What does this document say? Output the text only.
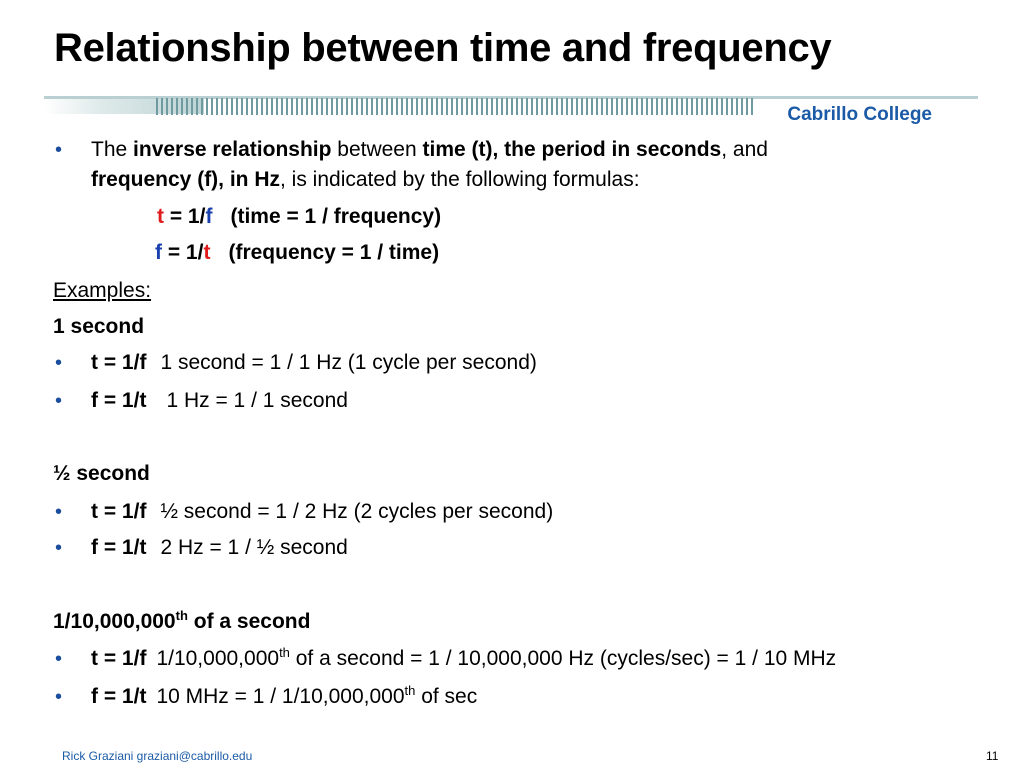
Relationship between time and frequency
Cabrillo College
• The inverse relationship between time (t), the period in seconds, and
frequency (f), in Hz, is indicated by the following formulas:
t = 1/f (time = 1 / frequency)
f = 1/t (frequency = 1 / time)
Examples:
1 second
• t = 1/f 1 second = 1 / 1 Hz (1 cycle per second)
• f = 1/t 1 Hz = 1 / 1 second
½ second
• t = 1/f ½ second = 1 / 2 Hz (2 cycles per second)
• f = 1/t 2 Hz = 1 / ½ second
1/10,000,000th of a second
• t = 1/f 1/10,000,000th of a second = 1 / 10,000,000 Hz (cycles/sec) = 1 / 10 MHz
• f = 1/t 10 MHz = 1 / 1/10,000,000th of sec
Rick Graziani graziani@cabrillo.edu	11
